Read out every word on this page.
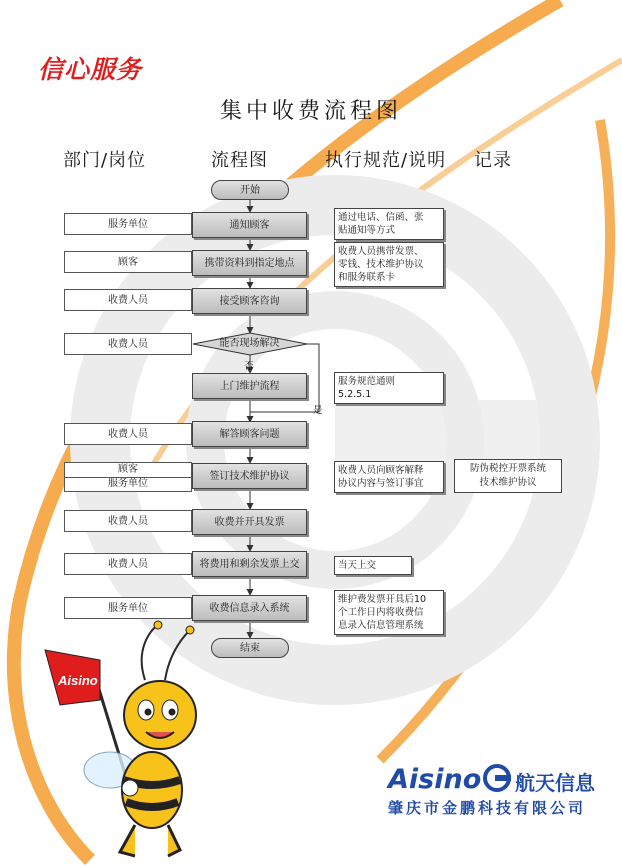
信心服务
集中收费流程图
部门/岗位	流程图	执行规范/说明 记录
服务单位
顾客
收费人员
收费人员
收费人员
顾客
服务单位
收费人员
收费人员
服务单位
开始
通知顾客
携带资料到指定地点
接受顾客咨询
能否现场解决
否
上门维护流程
是
解答顾客问题
签订技术维护协议
收费并开具发票
将费用和剩余发票上交
收费信息录入系统
结束
通过电话、信函、张
贴通知等方式
收费人员携带发票、
零钱、技术维护协议
和服务联系卡
服务规范通则
5.2.5.1
收费人员向顾客解释
协议内容与签订事宜
当天上交
维护费发票开具后10
个工作日内将收费信
息录入信息管理系统
防伪税控开票系统
技术维护协议
Aisino
Aisino 航天信息
肇庆市金鹏科技有限公司
